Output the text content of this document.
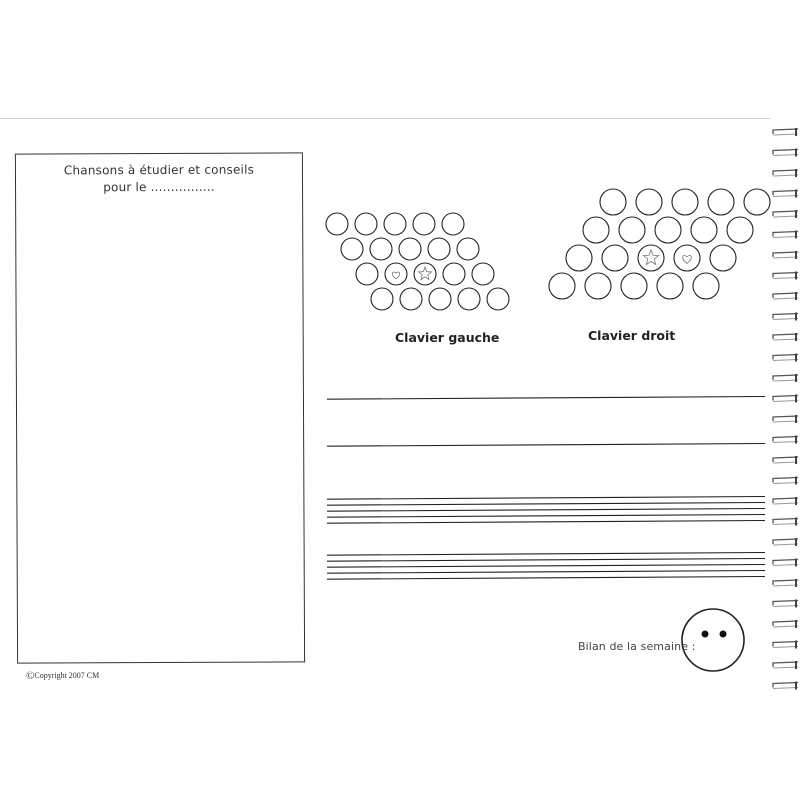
Chansons à étudier et conseils
pour le ................
©Copyright 2007 CM
Clavier gauche	Clavier droit
Bilan de la semaine :
